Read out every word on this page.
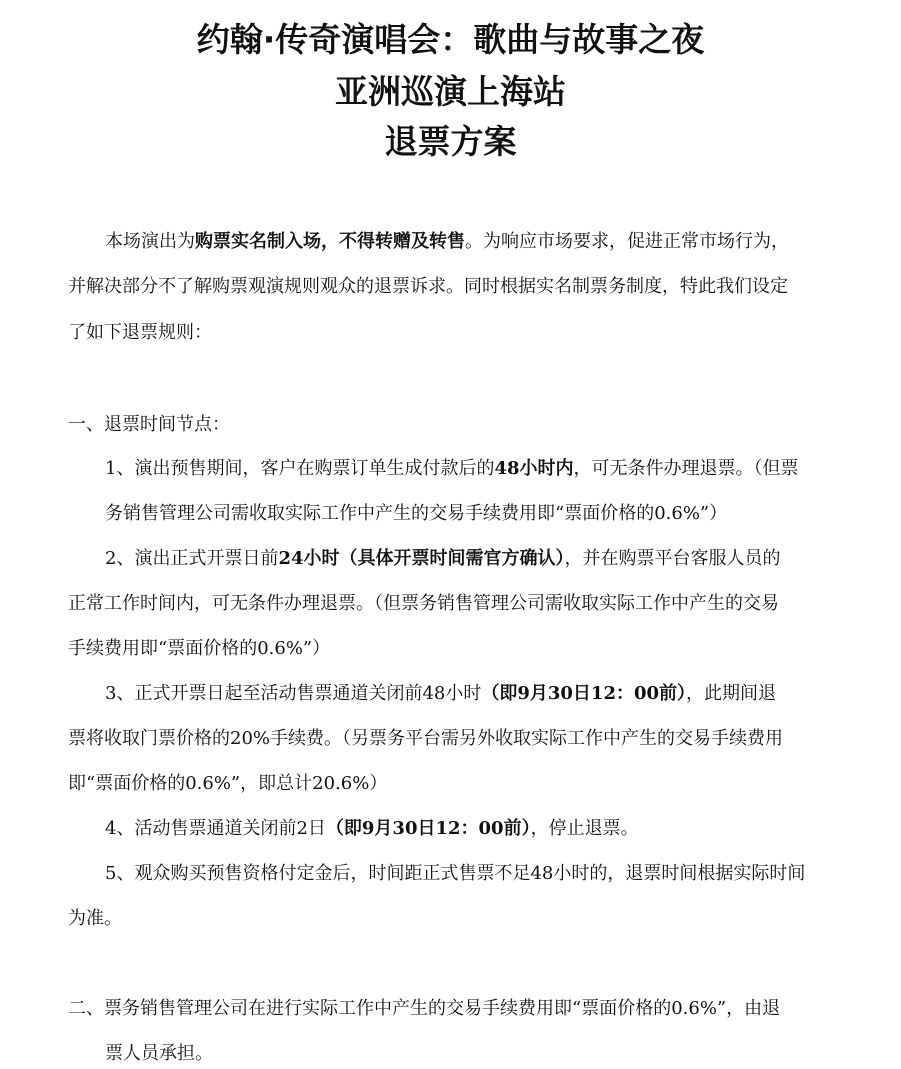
约翰·传奇演唱会：歌曲与故事之夜
亚洲巡演上海站
退票方案
本场演出为购票实名制入场，不得转赠及转售。为响应市场要求，促进正常市场行为，
并解决部分不了解购票观演规则观众的退票诉求。同时根据实名制票务制度，特此我们设定
了如下退票规则：
一、退票时间节点：
1、演出预售期间，客户在购票订单生成付款后的48小时内，可无条件办理退票。（但票
务销售管理公司需收取实际工作中产生的交易手续费用即“票面价格的0.6%”）
2、演出正式开票日前24小时（具体开票时间需官方确认），并在购票平台客服人员的
正常工作时间内，可无条件办理退票。（但票务销售管理公司需收取实际工作中产生的交易
手续费用即“票面价格的0.6%”）
3、正式开票日起至活动售票通道关闭前48小时（即9月30日12：00前），此期间退
票将收取门票价格的20%手续费。（另票务平台需另外收取实际工作中产生的交易手续费用
即“票面价格的0.6%”，即总计20.6%）
4、活动售票通道关闭前2日（即9月30日12：00前），停止退票。
5、观众购买预售资格付定金后，时间距正式售票不足48小时的，退票时间根据实际时间
为准。
二、票务销售管理公司在进行实际工作中产生的交易手续费用即“票面价格的0.6%”，由退
票人员承担。
